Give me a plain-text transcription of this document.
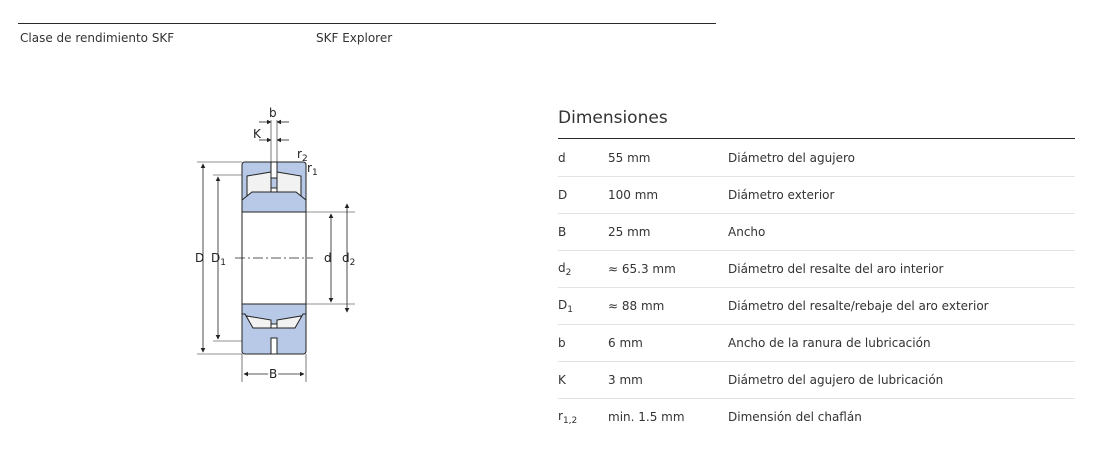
Clase de rendimiento SKF	SKF Explorer
b
K
$r_2$
$r_1$
D $D_1$	d $d_2$
B
Dimensiones
d	55 mm	Diámetro del agujero
D	100 mm	Diámetro exterior
B	25 mm	Ancho
$d_2$	≈ 65.3 mm	Diámetro del resalte del aro interior
$D_1$	≈ 88 mm	Diámetro del resalte/rebaje del aro exterior
b	6 mm	Ancho de la ranura de lubricación
K	3 mm	Diámetro del agujero de lubricación
$r_{1,2}$	min. 1.5 mm	Dimensión del chaflán
